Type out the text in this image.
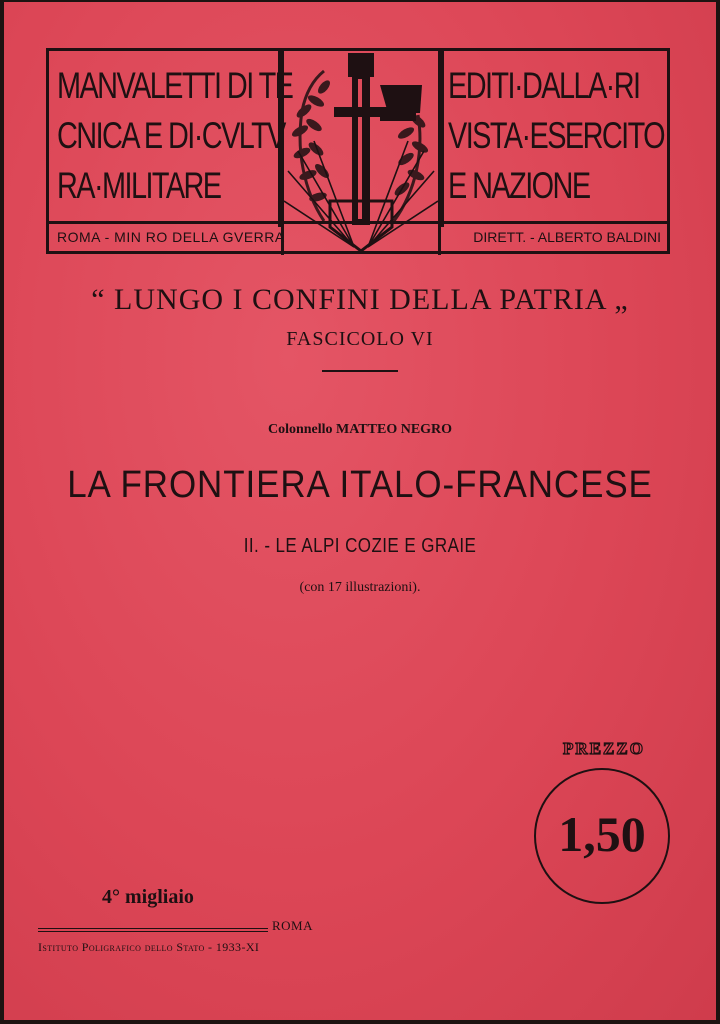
MANVALETTI DI TE
CNICA E DI·CVLTV
RA·MILITARE
EDITI·DALLA·RI
VISTA·ESERCITO
E NAZIONE
ROMA - MIN RO DELLA GVERRA	DIRETT. - ALBERTO BALDINI
“ LUNGO I CONFINI DELLA PATRIA „
FASCICOLO VI
Colonnello MATTEO NEGRO
LA FRONTIERA ITALO-FRANCESE
II. - LE ALPI COZIE E GRAIE
(con 17 illustrazioni).
PREZZO
1,50
4° migliaio
ROMA
Istituto Poligrafico dello Stato - 1933-XI
